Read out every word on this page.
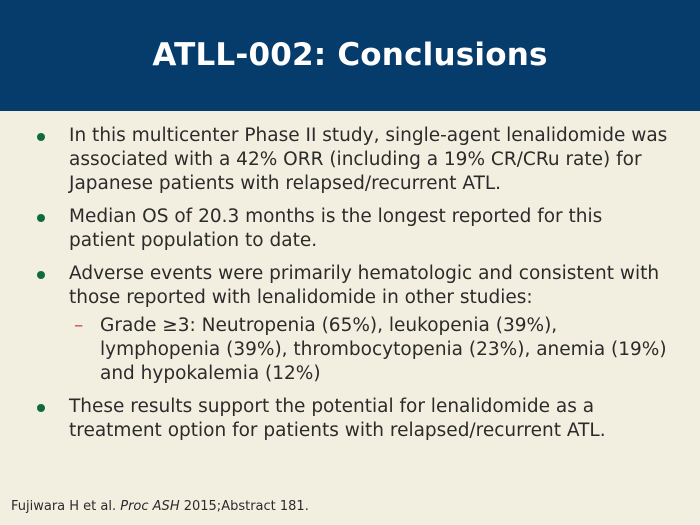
ATLL-002: Conclusions
In this multicenter Phase II study, single-agent lenalidomide was associated with a 42% ORR (including a 19% CR/CRu rate) for Japanese patients with relapsed/recurrent ATL.
Median OS of 20.3 months is the longest reported for this patient population to date.
Adverse events were primarily hematologic and consistent with those reported with lenalidomide in other studies:
– Grade ≥3: Neutropenia (65%), leukopenia (39%), lymphopenia (39%), thrombocytopenia (23%), anemia (19%) and hypokalemia (12%)
These results support the potential for lenalidomide as a treatment option for patients with relapsed/recurrent ATL.
Fujiwara H et al. Proc ASH 2015;Abstract 181.
